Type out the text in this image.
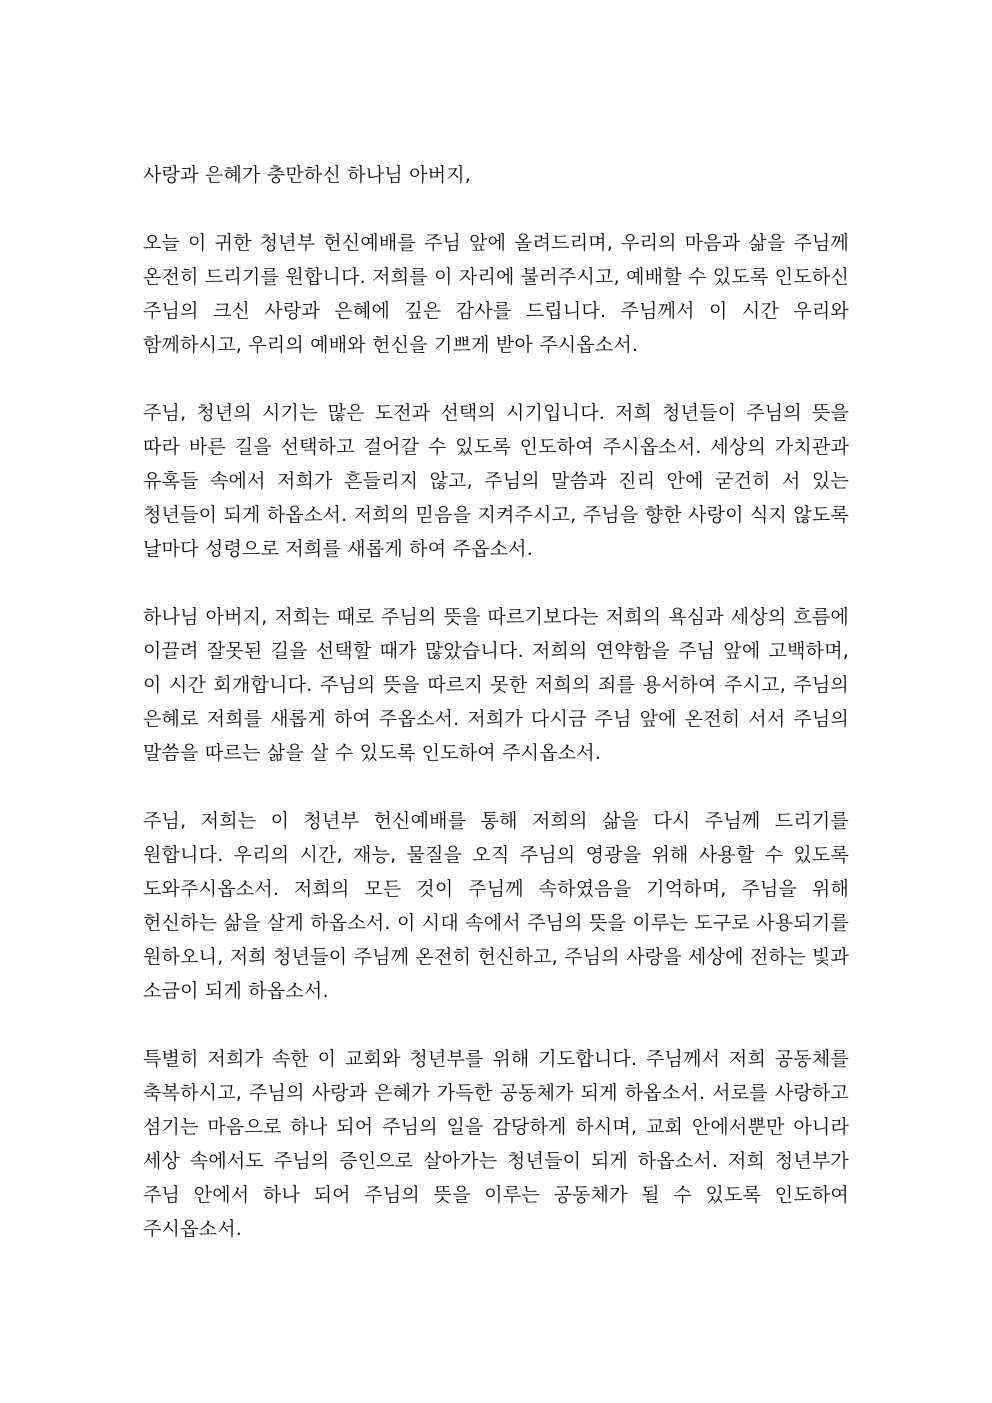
사랑과 은혜가 충만하신 하나님 아버지,

오늘 이 귀한 청년부 헌신예배를 주님 앞에 올려드리며, 우리의 마음과 삶을 주님께 온전히 드리기를 원합니다. 저희를 이 자리에 불러주시고, 예배할 수 있도록 인도하신 주님의 크신 사랑과 은혜에 깊은 감사를 드립니다. 주님께서 이 시간 우리와 함께하시고, 우리의 예배와 헌신을 기쁘게 받아 주시옵소서.

주님, 청년의 시기는 많은 도전과 선택의 시기입니다. 저희 청년들이 주님의 뜻을 따라 바른 길을 선택하고 걸어갈 수 있도록 인도하여 주시옵소서. 세상의 가치관과 유혹들 속에서 저희가 흔들리지 않고, 주님의 말씀과 진리 안에 굳건히 서 있는 청년들이 되게 하옵소서. 저희의 믿음을 지켜주시고, 주님을 향한 사랑이 식지 않도록 날마다 성령으로 저희를 새롭게 하여 주옵소서.

하나님 아버지, 저희는 때로 주님의 뜻을 따르기보다는 저희의 욕심과 세상의 흐름에 이끌려 잘못된 길을 선택할 때가 많았습니다. 저희의 연약함을 주님 앞에 고백하며, 이 시간 회개합니다. 주님의 뜻을 따르지 못한 저희의 죄를 용서하여 주시고, 주님의 은혜로 저희를 새롭게 하여 주옵소서. 저희가 다시금 주님 앞에 온전히 서서 주님의 말씀을 따르는 삶을 살 수 있도록 인도하여 주시옵소서.

주님, 저희는 이 청년부 헌신예배를 통해 저희의 삶을 다시 주님께 드리기를 원합니다. 우리의 시간, 재능, 물질을 오직 주님의 영광을 위해 사용할 수 있도록 도와주시옵소서. 저희의 모든 것이 주님께 속하였음을 기억하며, 주님을 위해 헌신하는 삶을 살게 하옵소서. 이 시대 속에서 주님의 뜻을 이루는 도구로 사용되기를 원하오니, 저희 청년들이 주님께 온전히 헌신하고, 주님의 사랑을 세상에 전하는 빛과 소금이 되게 하옵소서.

특별히 저희가 속한 이 교회와 청년부를 위해 기도합니다. 주님께서 저희 공동체를 축복하시고, 주님의 사랑과 은혜가 가득한 공동체가 되게 하옵소서. 서로를 사랑하고 섬기는 마음으로 하나 되어 주님의 일을 감당하게 하시며, 교회 안에서뿐만 아니라 세상 속에서도 주님의 증인으로 살아가는 청년들이 되게 하옵소서. 저희 청년부가 주님 안에서 하나 되어 주님의 뜻을 이루는 공동체가 될 수 있도록 인도하여 주시옵소서.
